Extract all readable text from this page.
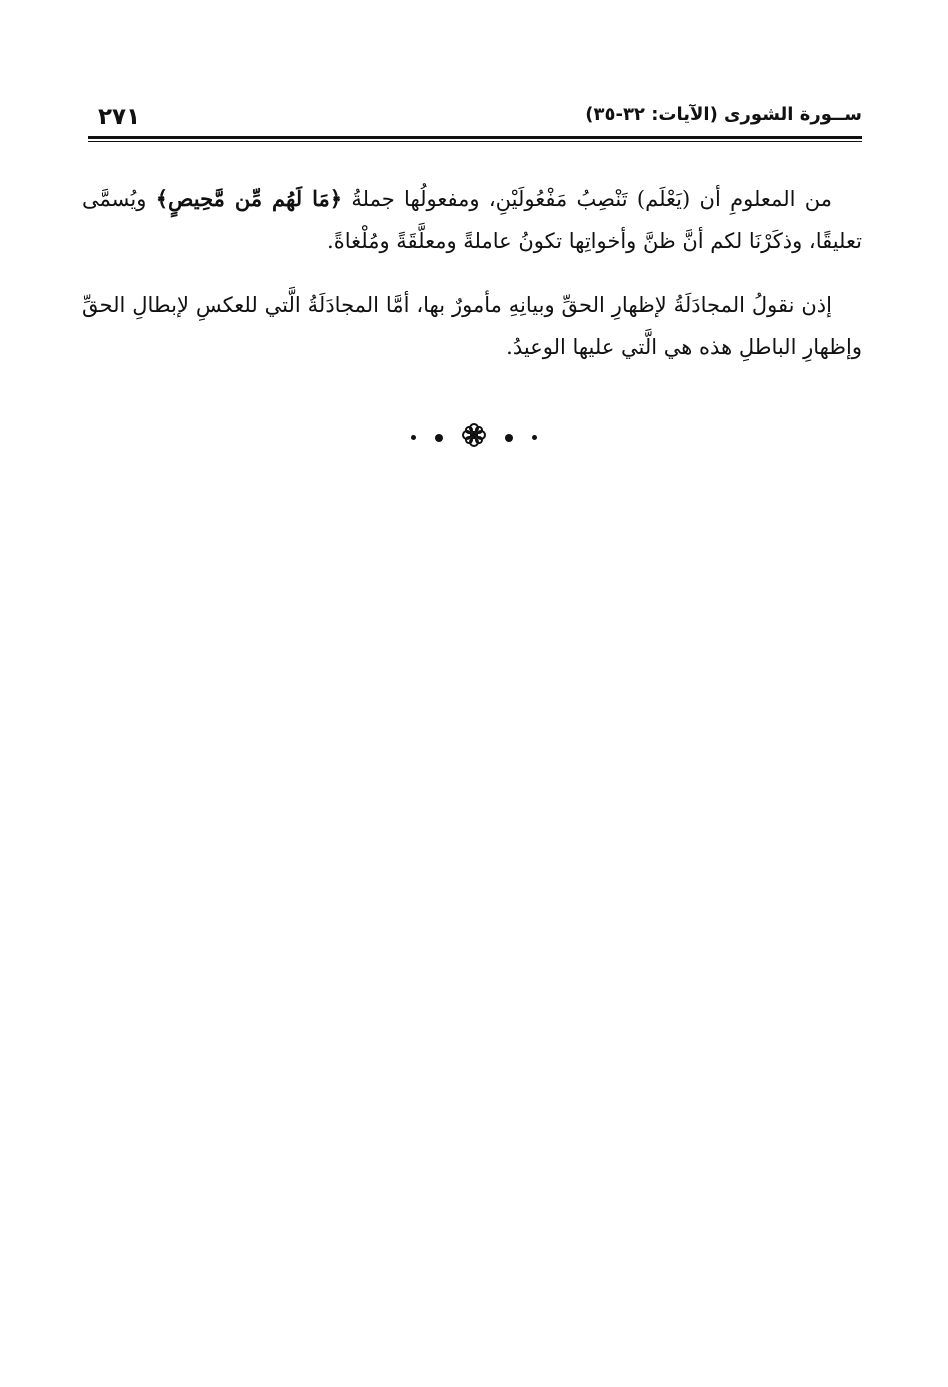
٢٧١	ســورة الشورى (الآيات: ٣٢-٣٥)

من المعلومِ أن (يَعْلَم) تَنْصِبُ مَفْعُولَيْنِ، ومفعولُها جملةُ ﴿مَا لَهُم مِّن مَّحِيصٍ﴾ ويُسمَّى تعليقًا، وذكَرْنَا لكم أنَّ ظنَّ وأخواتِها تكونُ عاملةً ومعلَّقَةً ومُلْغاةً.

إذن نقولُ المجادَلَةُ لإظهارِ الحقِّ وبيانِهِ مأمورٌ بها، أمَّا المجادَلَةُ الَّتي للعكسِ لإبطالِ الحقِّ وإظهارِ الباطلِ هذه هي الَّتي عليها الوعيدُ.
